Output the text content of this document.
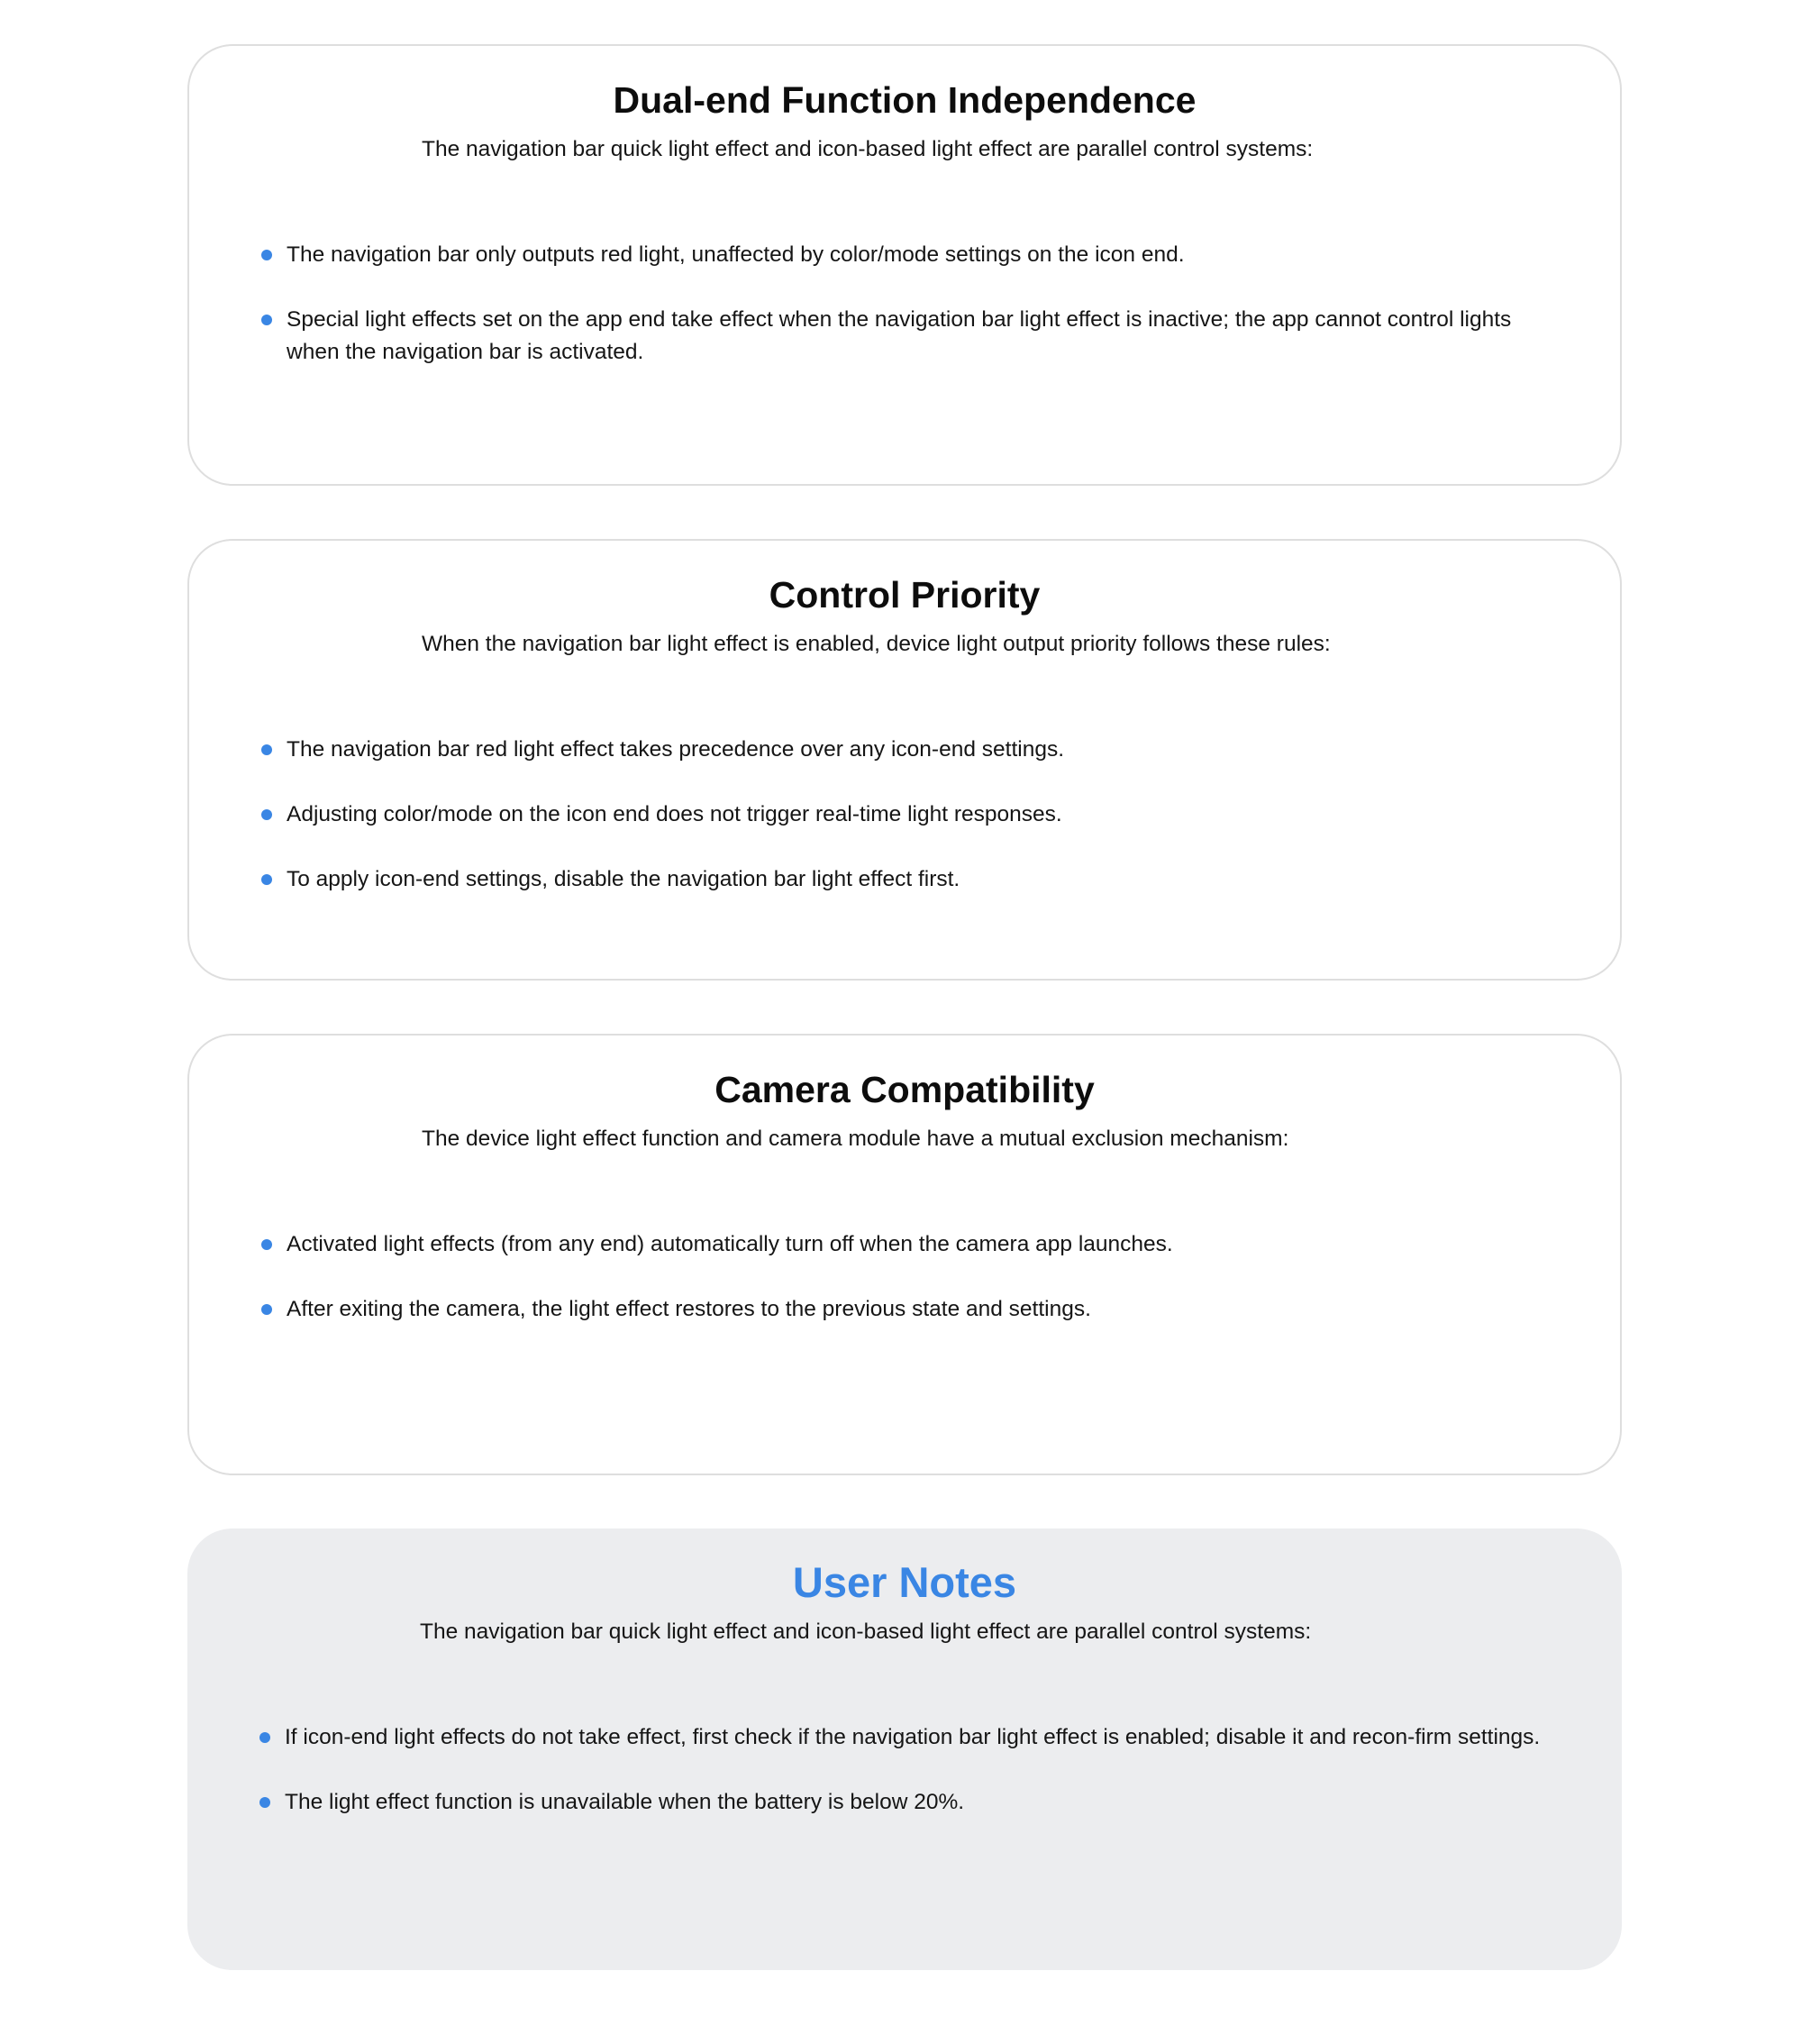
Dual-end Function Independence

The navigation bar quick light effect and icon-based light effect are parallel control systems:

The navigation bar only outputs red light, unaffected by color/mode settings on the icon end.
Special light effects set on the app end take effect when the navigation bar light effect is inactive; the app cannot control lights when the navigation bar is activated.
Control Priority

When the navigation bar light effect is enabled, device light output priority follows these rules:

The navigation bar red light effect takes precedence over any icon-end settings.
Adjusting color/mode on the icon end does not trigger real-time light responses.
To apply icon-end settings, disable the navigation bar light effect first.
Camera Compatibility

The device light effect function and camera module have a mutual exclusion mechanism:

Activated light effects (from any end) automatically turn off when the camera app launches.
After exiting the camera, the light effect restores to the previous state and settings.
User Notes

The navigation bar quick light effect and icon-based light effect are parallel control systems:

If icon-end light effects do not take effect, first check if the navigation bar light effect is enabled; disable it and recon-firm settings.
The light effect function is unavailable when the battery is below 20%.
